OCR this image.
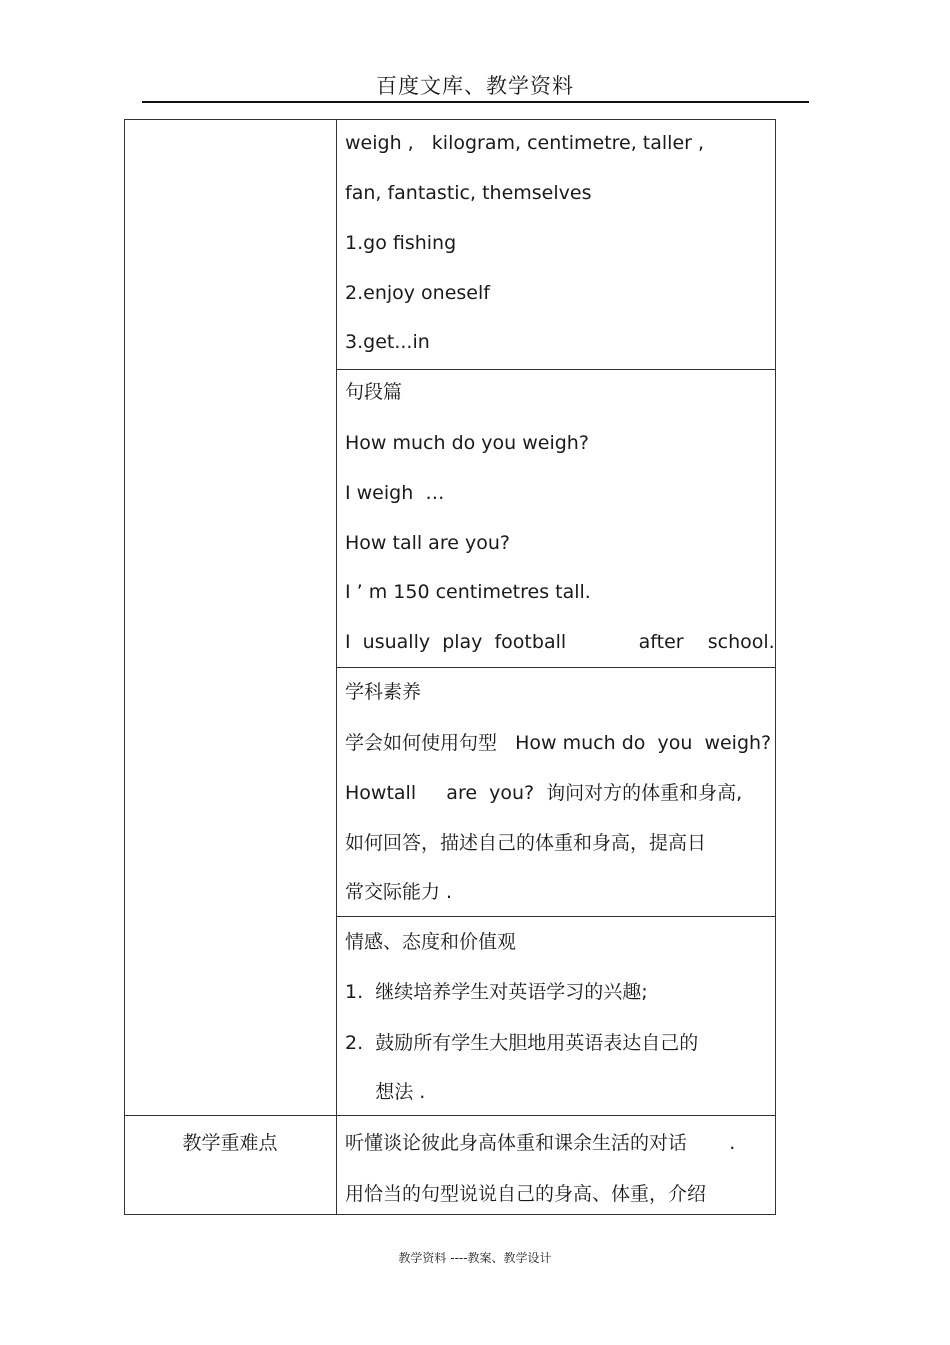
百度文库、教学资料
weigh ,   kilogram, centimetre, taller ,
fan, fantastic, themselves
1.go fishing
2.enjoy oneself
3.get...in
句段篇
How much do you weigh?
I weigh  …
How tall are you?
I ’ m 150 centimetres tall.
I  usually  play  football            after    school.
学科素养
学会如何使用句型   How much do  you  weigh?
Howtall     are  you?  询问对方的体重和身高,
如何回答，描述自己的体重和身高，提高日
常交际能力 .
情感、态度和价值观
1.  继续培养学生对英语学习的兴趣;
2.  鼓励所有学生大胆地用英语表达自己的
想法 .
教学重难点	听懂谈论彼此身高体重和课余生活的对话       .
用恰当的句型说说自己的身高、体重，介绍
教学资料 ----教案、教学设计
